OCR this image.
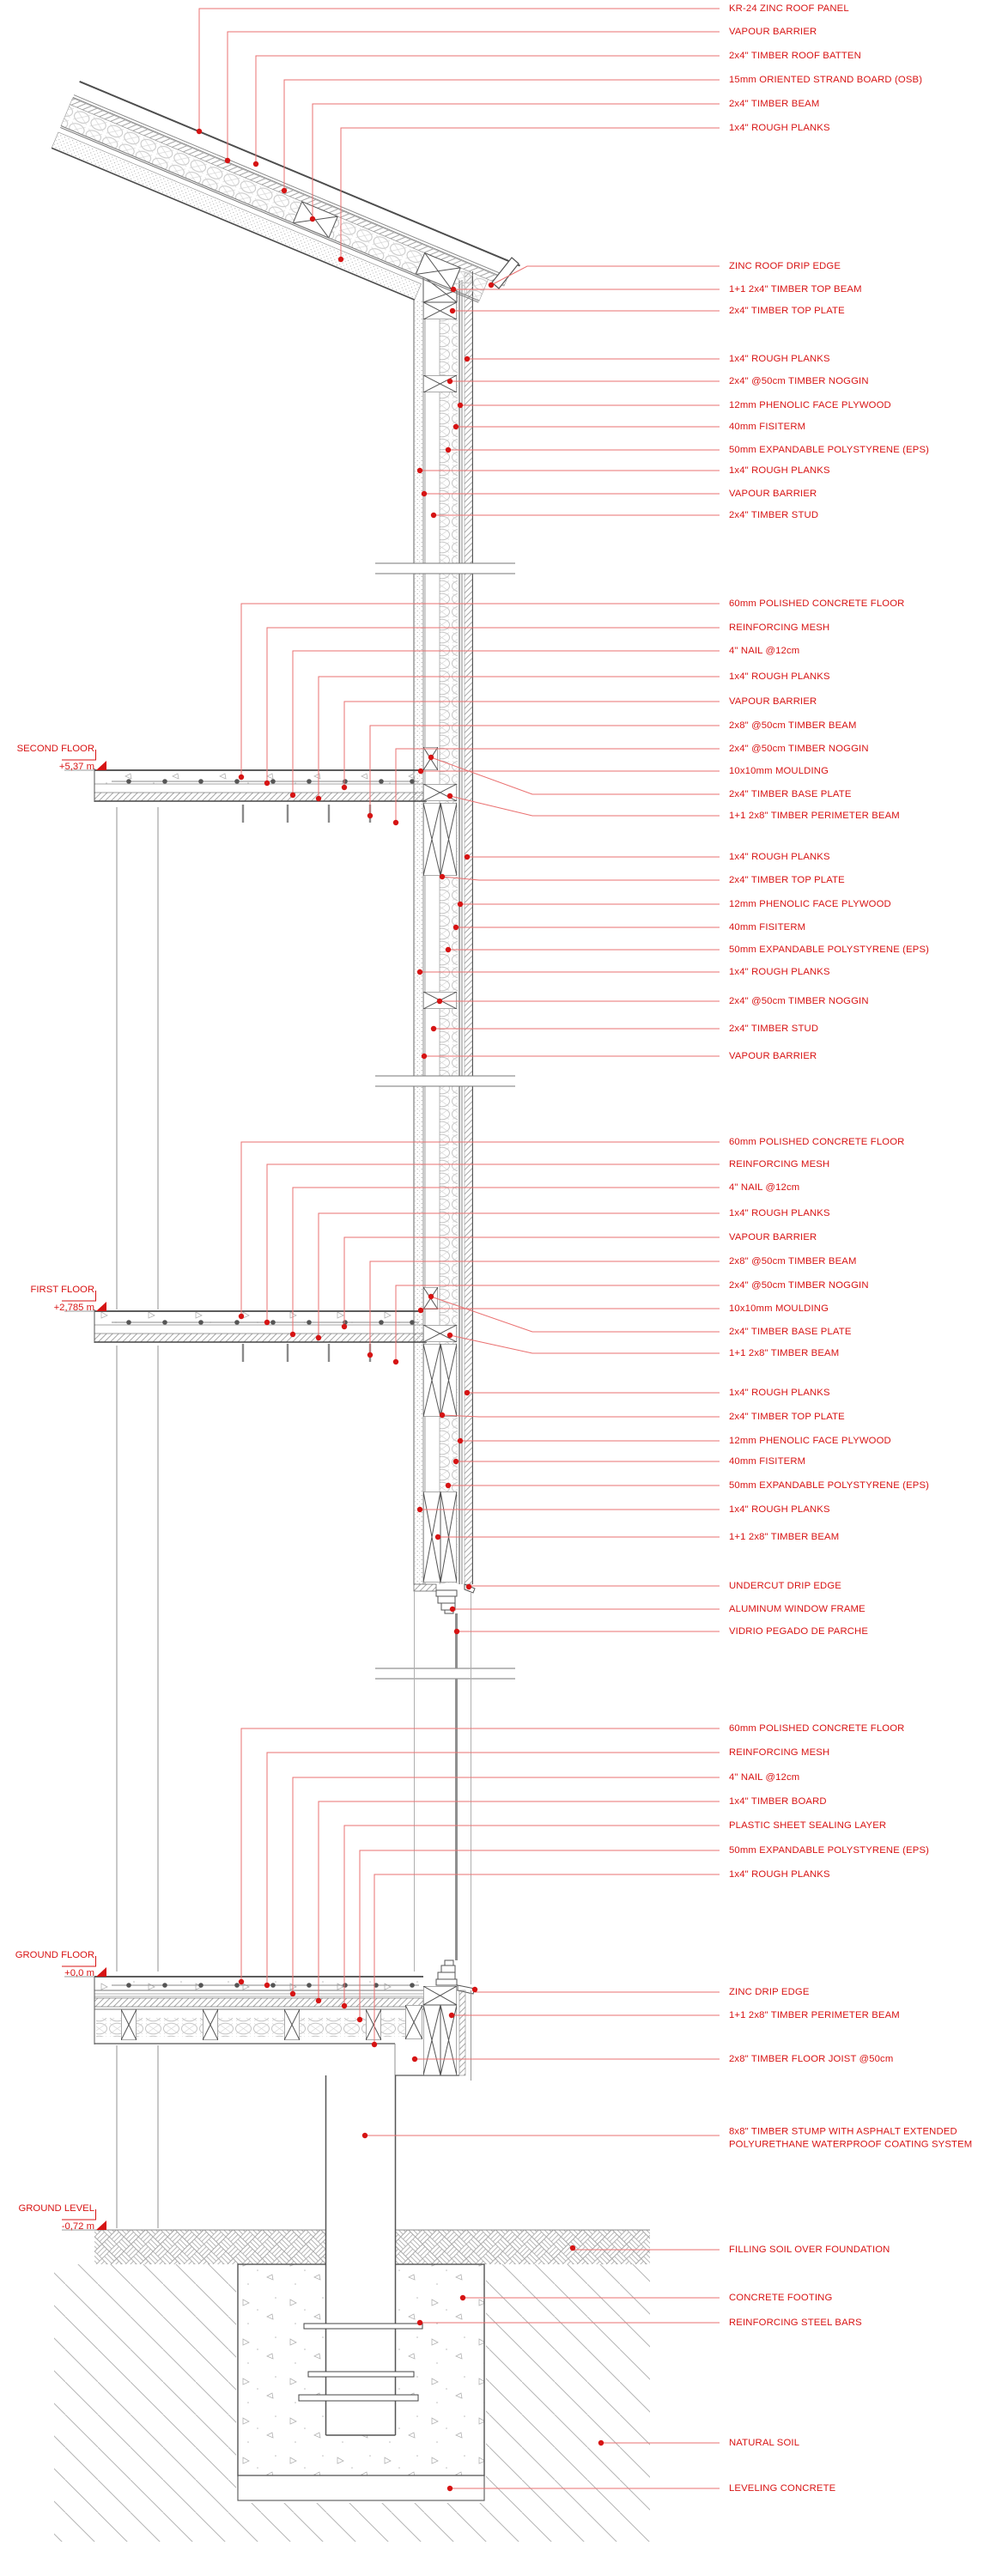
KR-24 ZINC ROOF PANEL
VAPOUR BARRIER
2x4" TIMBER ROOF BATTEN
15mm ORIENTED STRAND BOARD (OSB)
2x4" TIMBER BEAM
1x4" ROUGH PLANKS
ZINC ROOF DRIP EDGE
1+1 2x4" TIMBER TOP BEAM
2x4" TIMBER TOP PLATE
1x4" ROUGH PLANKS
2x4" @50cm TIMBER NOGGIN
12mm PHENOLIC FACE PLYWOOD
40mm FISITERM
50mm EXPANDABLE POLYSTYRENE (EPS)
1x4" ROUGH PLANKS
VAPOUR BARRIER
2x4" TIMBER STUD
60mm POLISHED CONCRETE FLOOR
REINFORCING MESH
4" NAIL @12cm
1x4" ROUGH PLANKS
VAPOUR BARRIER
2x8" @50cm TIMBER BEAM
2x4" @50cm TIMBER NOGGIN
10x10mm MOULDING
2x4" TIMBER BASE PLATE
1+1 2x8" TIMBER PERIMETER BEAM
1x4" ROUGH PLANKS
2x4" TIMBER TOP PLATE
12mm PHENOLIC FACE PLYWOOD
40mm FISITERM
50mm EXPANDABLE POLYSTYRENE (EPS)
1x4" ROUGH PLANKS
2x4" @50cm TIMBER NOGGIN
2x4" TIMBER STUD
VAPOUR BARRIER
60mm POLISHED CONCRETE FLOOR
REINFORCING MESH
4" NAIL @12cm
1x4" ROUGH PLANKS
VAPOUR BARRIER
2x8" @50cm TIMBER BEAM
2x4" @50cm TIMBER NOGGIN
10x10mm MOULDING
2x4" TIMBER BASE PLATE
1+1 2x8" TIMBER BEAM
1x4" ROUGH PLANKS
2x4" TIMBER TOP PLATE
12mm PHENOLIC FACE PLYWOOD
40mm FISITERM
50mm EXPANDABLE POLYSTYRENE (EPS)
1x4" ROUGH PLANKS
1+1 2x8" TIMBER BEAM
UNDERCUT DRIP EDGE
ALUMINUM WINDOW FRAME
VIDRIO PEGADO DE PARCHE
60mm POLISHED CONCRETE FLOOR
REINFORCING MESH
4" NAIL @12cm
1x4" TIMBER BOARD
PLASTIC SHEET SEALING LAYER
50mm EXPANDABLE POLYSTYRENE (EPS)
1x4" ROUGH PLANKS
ZINC DRIP EDGE
1+1 2x8" TIMBER PERIMETER BEAM
2x8" TIMBER FLOOR JOIST @50cm
8x8" TIMBER STUMP WITH ASPHALT EXTENDED POLYURETHANE WATERPROOF COATING SYSTEM
FILLING SOIL OVER FOUNDATION
CONCRETE FOOTING
REINFORCING STEEL BARS
NATURAL SOIL
LEVELING CONCRETE
SECOND FLOOR
+5,37 m
FIRST FLOOR
+2,785 m
GROUND FLOOR
+0,0 m
GROUND LEVEL
-0,72 m
